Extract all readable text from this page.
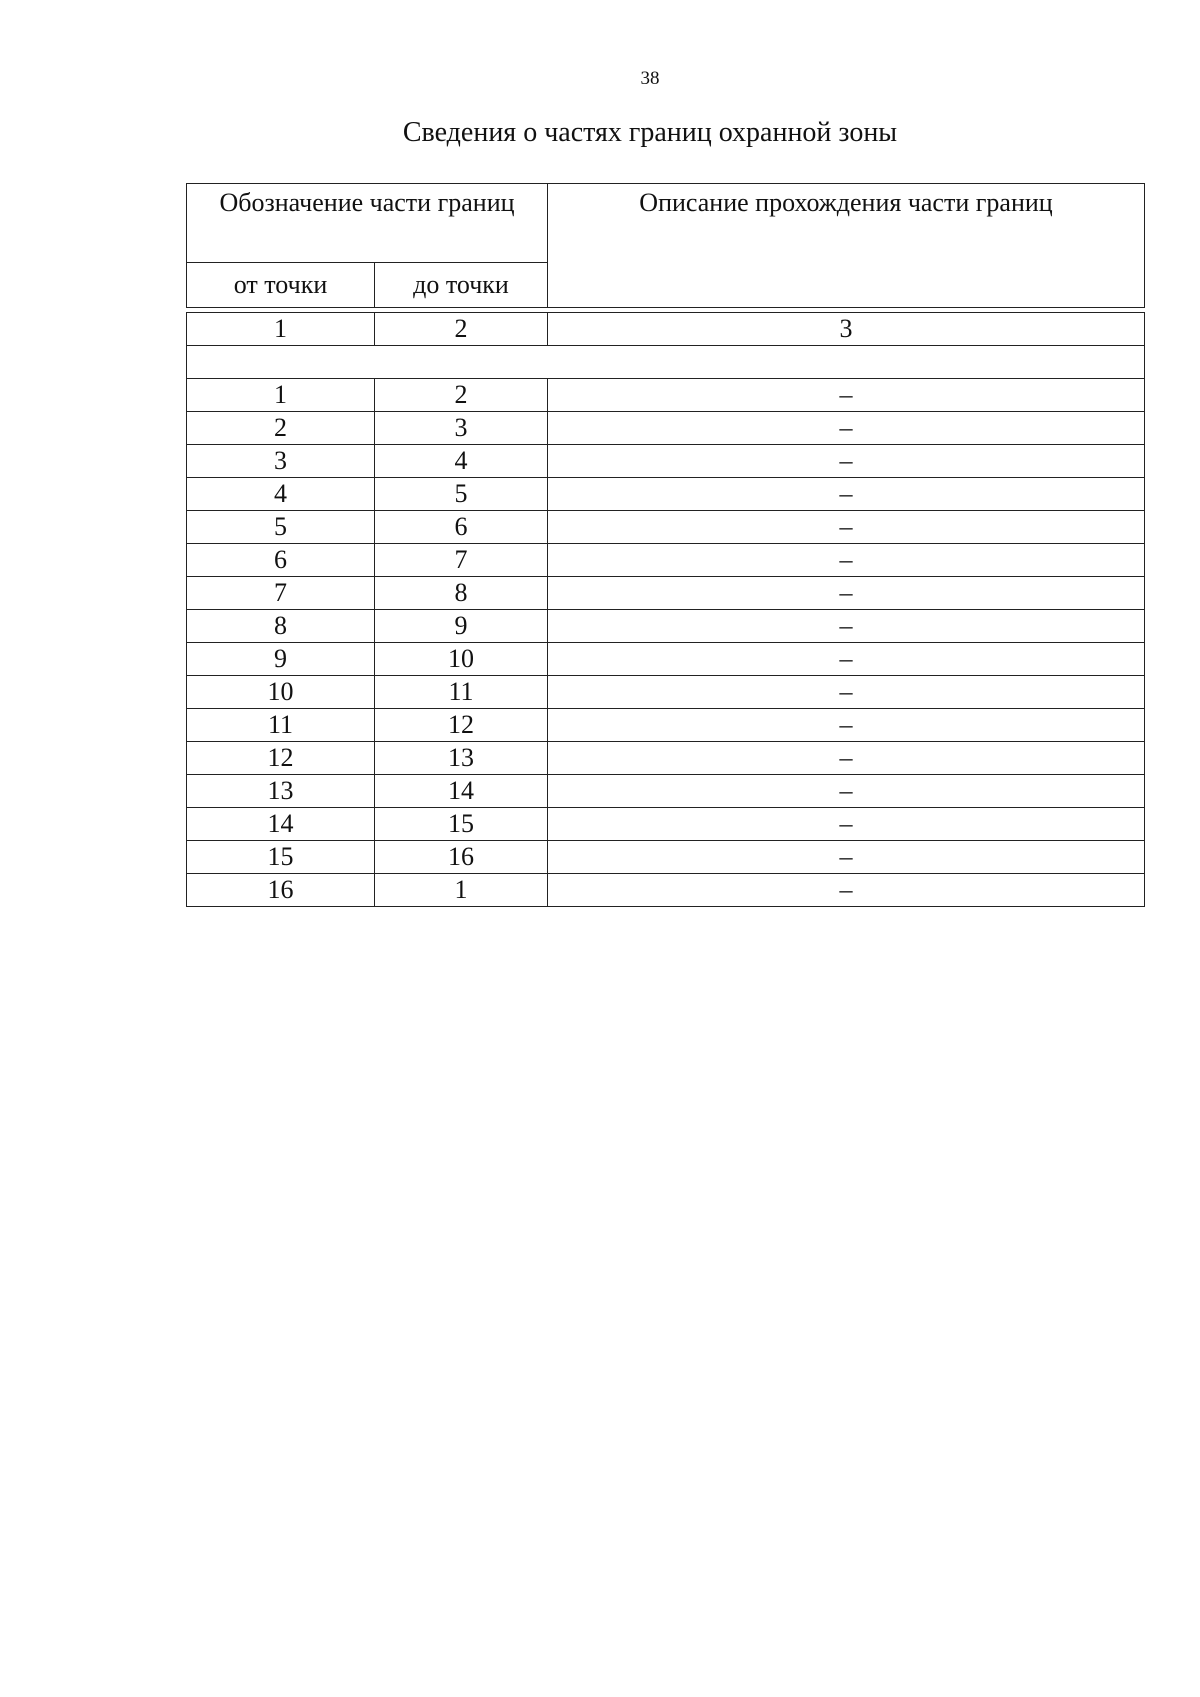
38
Сведения о частях границ охранной зоны
Обозначение части границ		Описание прохождения части границ
от точки	до точки	

1	2	3

1	2	–
2	3	–
3	4	–
4	5	–
5	6	–
6	7	–
7	8	–
8	9	–
9	10	–
10	11	–
11	12	–
12	13	–
13	14	–
14	15	–
15	16	–
16	1	–
